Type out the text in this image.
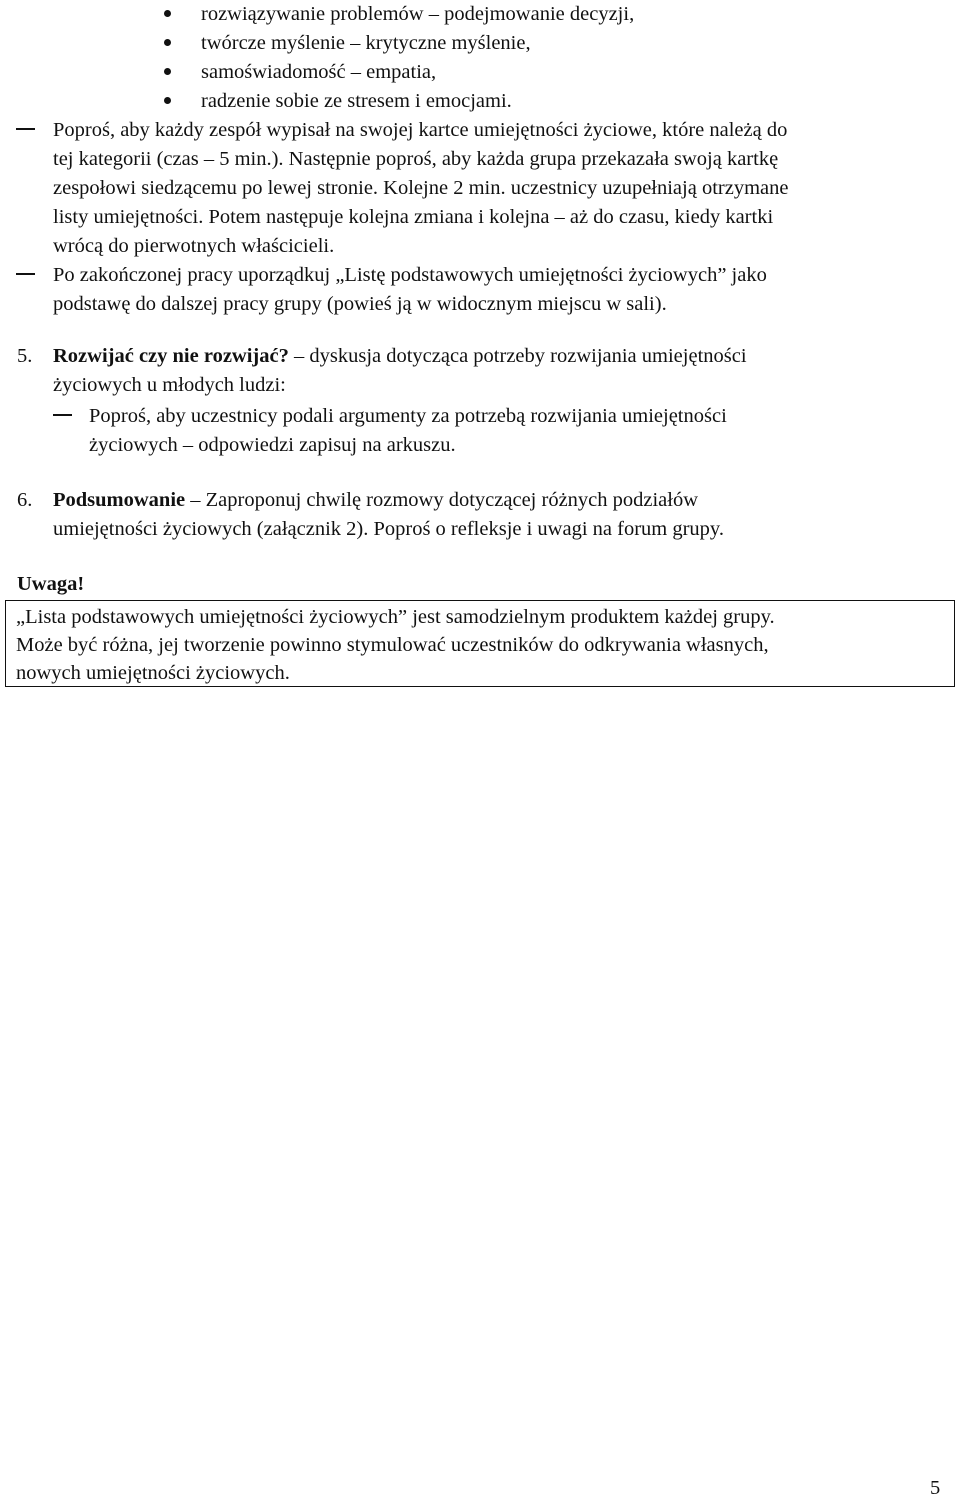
rozwiązywanie problemów – podejmowanie decyzji,
twórcze myślenie – krytyczne myślenie,
samoświadomość – empatia,
radzenie sobie ze stresem i emocjami.
Poproś, aby każdy zespół wypisał na swojej kartce umiejętności życiowe, które należą do
tej kategorii (czas – 5 min.). Następnie poproś, aby każda grupa przekazała swoją kartkę
zespołowi siedzącemu po lewej stronie. Kolejne 2 min. uczestnicy uzupełniają otrzymane
listy umiejętności. Potem następuje kolejna zmiana i kolejna – aż do czasu, kiedy kartki
wrócą do pierwotnych właścicieli.
Po zakończonej pracy uporządkuj „Listę podstawowych umiejętności życiowych” jako
podstawę do dalszej pracy grupy (powieś ją w widocznym miejscu w sali).
5. Rozwijać czy nie rozwijać? – dyskusja dotycząca potrzeby rozwijania umiejętności
życiowych u młodych ludzi:
Poproś, aby uczestnicy podali argumenty za potrzebą rozwijania umiejętności
życiowych – odpowiedzi zapisuj na arkuszu.
6. Podsumowanie – Zaproponuj chwilę rozmowy dotyczącej różnych podziałów
umiejętności życiowych (załącznik 2). Poproś o refleksje i uwagi na forum grupy.
Uwaga!
„Lista podstawowych umiejętności życiowych” jest samodzielnym produktem każdej grupy.
Może być różna, jej tworzenie powinno stymulować uczestników do odkrywania własnych,
nowych umiejętności życiowych.
5
